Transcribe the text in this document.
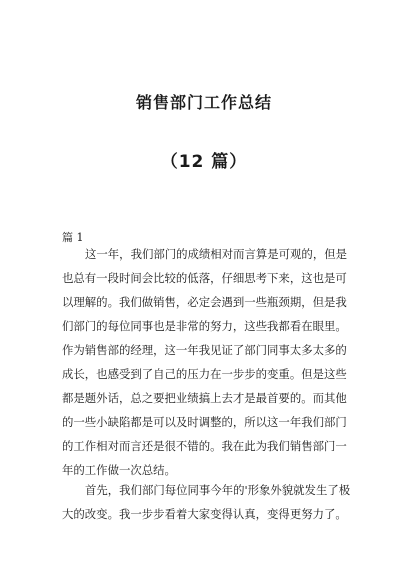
销售部门工作总结
（12 篇）
篇 1
这一年，我们部门的成绩相对而言算是可观的，但是
也总有一段时间会比较的低落，仔细思考下来，这也是可
以理解的。我们做销售，必定会遇到一些瓶颈期，但是我
们部门的每位同事也是非常的努力，这些我都看在眼里。
作为销售部的经理，这一年我见证了部门同事太多太多的
成长，也感受到了自己的压力在一步步的变重。但是这些
都是题外话，总之要把业绩搞上去才是最首要的。而其他
的一些小缺陷都是可以及时调整的，所以这一年我们部门
的工作相对而言还是很不错的。我在此为我们销售部门一
年的工作做一次总结。
首先，我们部门每位同事今年的'形象外貌就发生了极
大的改变。我一步步看着大家变得认真，变得更努力了。
